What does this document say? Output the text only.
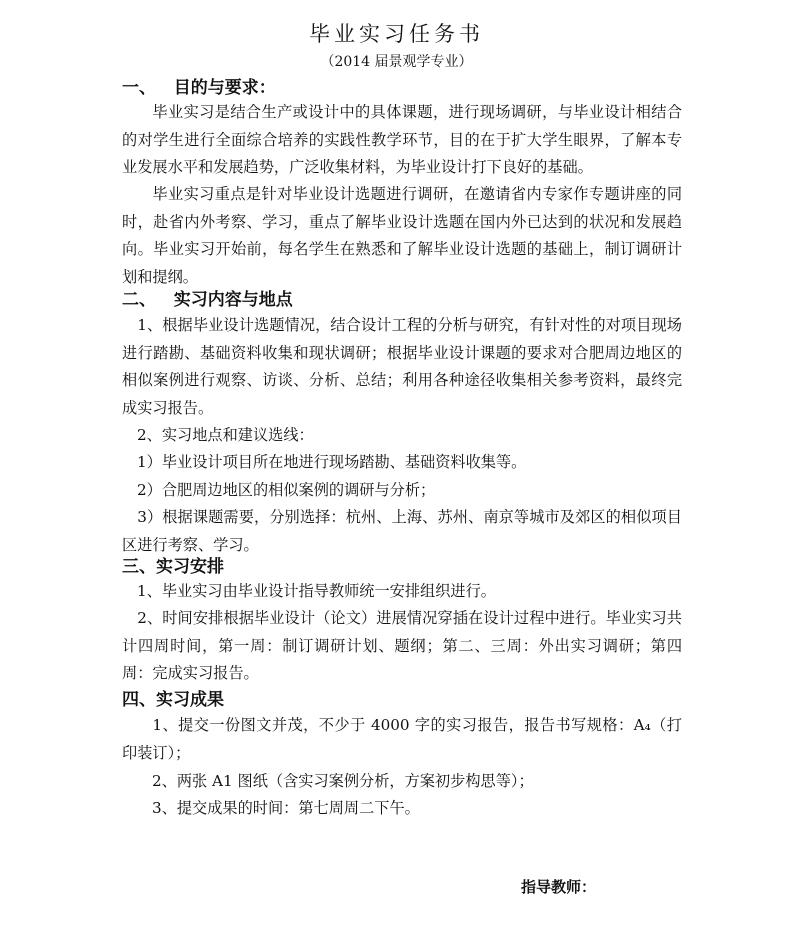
毕业实习任务书
（2014 届景观学专业）
一、   目的与要求：
毕业实习是结合生产或设计中的具体课题，进行现场调研，与毕业设计相结合的对学生进行全面综合培养的实践性教学环节，目的在于扩大学生眼界，了解本专业发展水平和发展趋势，广泛收集材料，为毕业设计打下良好的基础。
毕业实习重点是针对毕业设计选题进行调研，在邀请省内专家作专题讲座的同时，赴省内外考察、学习，重点了解毕业设计选题在国内外已达到的状况和发展趋向。毕业实习开始前，每名学生在熟悉和了解毕业设计选题的基础上，制订调研计划和提纲。
二、   实习内容与地点
1、根据毕业设计选题情况，结合设计工程的分析与研究，有针对性的对项目现场进行踏勘、基础资料收集和现状调研；根据毕业设计课题的要求对合肥周边地区的相似案例进行观察、访谈、分析、总结；利用各种途径收集相关参考资料，最终完成实习报告。
2、实习地点和建议选线：
1）毕业设计项目所在地进行现场踏勘、基础资料收集等。
2）合肥周边地区的相似案例的调研与分析；
3）根据课题需要，分别选择：杭州、上海、苏州、南京等城市及郊区的相似项目区进行考察、学习。
三、实习安排
1、毕业实习由毕业设计指导教师统一安排组织进行。
2、时间安排根据毕业设计（论文）进展情况穿插在设计过程中进行。毕业实习共计四周时间，第一周：制订调研计划、题纲；第二、三周：外出实习调研；第四周：完成实习报告。
四、实习成果
1、提交一份图文并茂，不少于 4000 字的实习报告，报告书写规格：A₄（打印装订）；
2、两张 A1 图纸（含实习案例分析，方案初步构思等）；
3、提交成果的时间：第七周周二下午。
指导教师：
